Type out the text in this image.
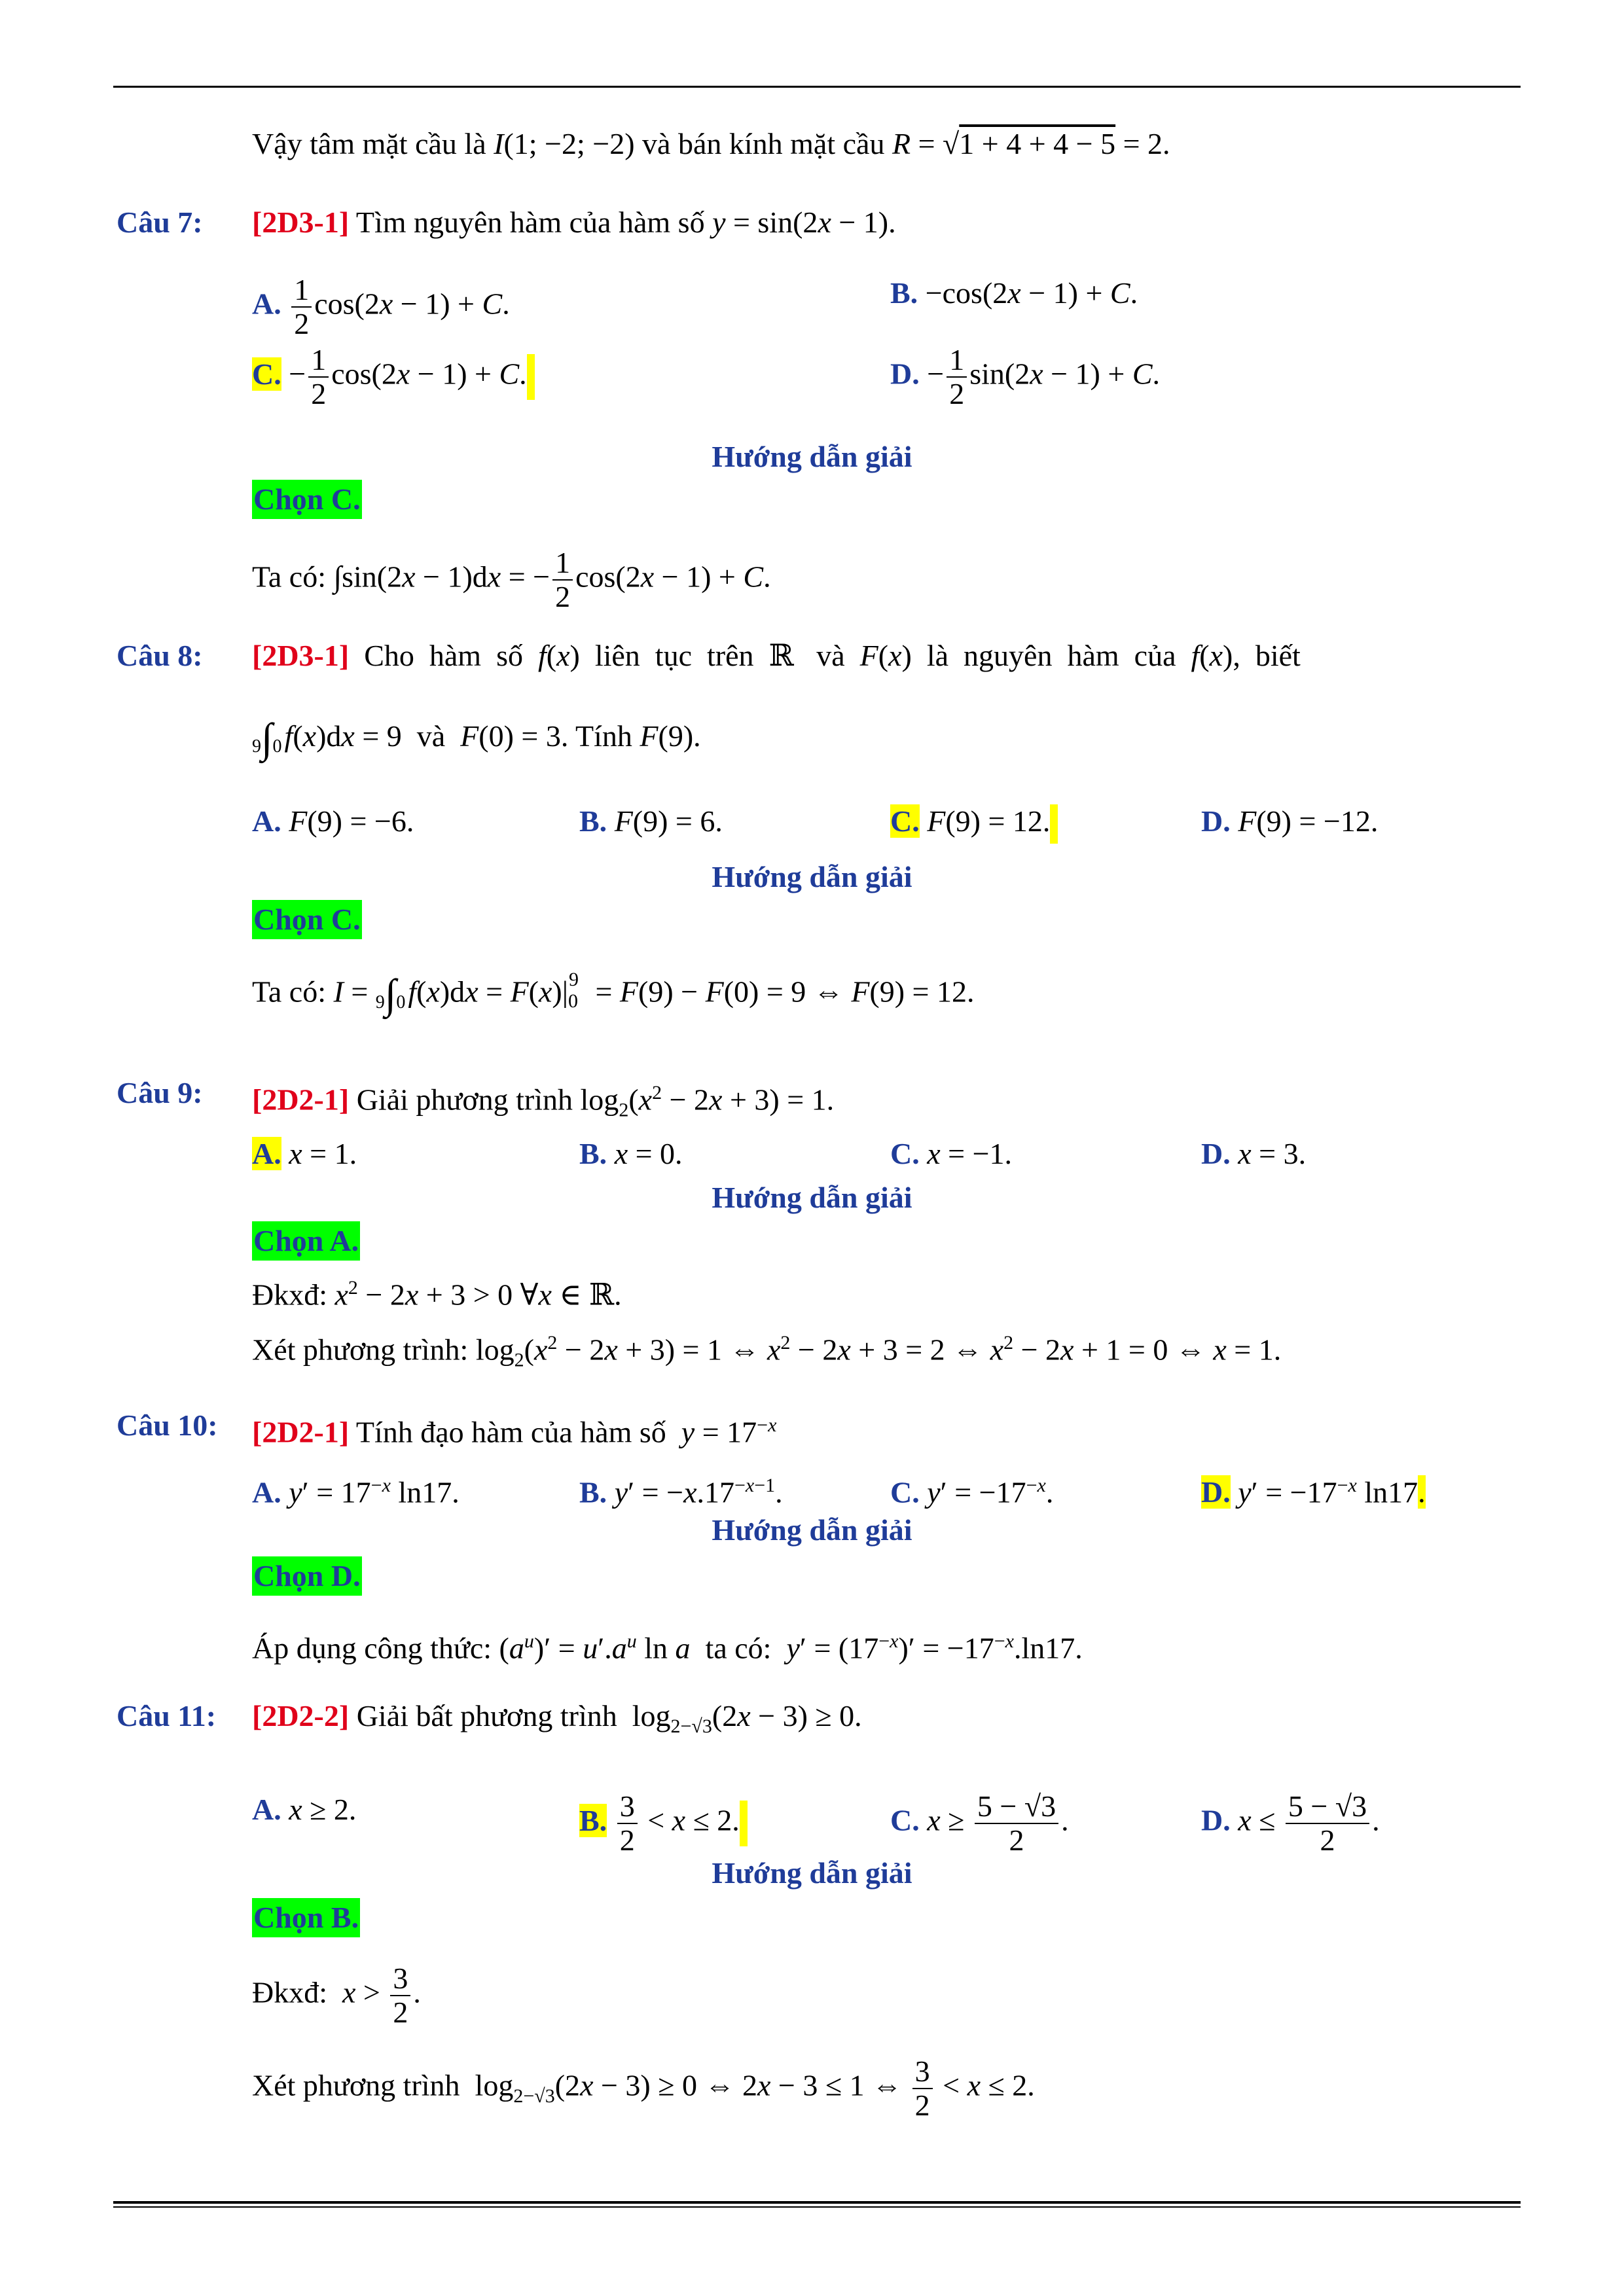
Vậy tâm mặt cầu là I(1; −2; −2) và bán kính mặt cầu R = √1 + 4 + 4 − 5 = 2.
Câu 7: [2D3-1] Tìm nguyên hàm của hàm số y = sin(2x − 1).
A. $\frac{1}{2} \cos(2x - 1) + C$.	B. −cos(2x − 1) + C.
C. − $\frac{1}{2} \cos(2x - 1) + C$.	D. − $\frac{1}{2} \sin(2x - 1) + C$.
Hướng dẫn giải
Chọn C.
Ta có: ∫sin(2x − 1)dx = − $\frac{1}{2} \cos(2x - 1) + C$.
Câu 8: [2D3-1]  Cho  hàm  số  f(x)  liên  tục  trên  ℝ   và  F(x)  là  nguyên  hàm  của  f(x),  biết
9∫0f(x)dx = 9  và  F(0) = 3. Tính F(9).
A. F(9) = −6.	B. F(9) = 6.	C. F(9) = 12.	D. F(9) = −12.
Hướng dẫn giải
Chọn C.
Ta có: $I = 9\int 0f(x)dx = F(x)|_0^9 = F(9) - F(0) = 9$ ⇔ F(9) = 12.
Câu 9: [2D2-1] Giải phương trình $\log_2(x^2 - 2x + 3) = 1$.
A. x = 1.	B. x = 0.	C. x = −1.	D. x = 3.
Hướng dẫn giải
Chọn A.
Đkxđ: $x^2 - 2x + 3 > 0$ ∀x ∈ ℝ.
Xét phương trình: $\log_2(x^2 - 2x + 3) = 1$ ⇔ $x^2 - 2x + 3 = 2$ ⇔ $x^2 - 2x + 1 = 0$ ⇔ x = 1.
Câu 10: [2D2-1] Tính đạo hàm của hàm số  $y = 17^{-x}$
A. $y' = 17^{-x}$ ln17.	B. $y' = -x.17^{-x-1}$.	C. $y' = -17^{-x}$.	D. $y' = -17^{-x}$ ln17.
Hướng dẫn giải
Chọn D.
Áp dụng công thức: $(a^u)' = u'.a^u$ ln a  ta có:  $y' = (17^{-x})' = -17^{-x}.\ln 17$.
Câu 11: [2D2-2] Giải bất phương trình  $\log_{2-√3}(2x - 3) \ge 0$.
A. x ≥ 2.	B. $\frac{3}{2} < x \le 2$.	C. $x \ge \frac{5 - √3}{2}$ .	D. $x \le \frac{5 - √3}{2}$ .
Hướng dẫn giải
Chọn B.
Đkxđ:  $x > \frac{3}{2}$ .
Xét phương trình  $\log_{2-√3}(2x - 3) \ge 0$ ⇔ 2x − 3 ≤ 1 ⇔ $\frac{3}{2} < x \le 2$.
